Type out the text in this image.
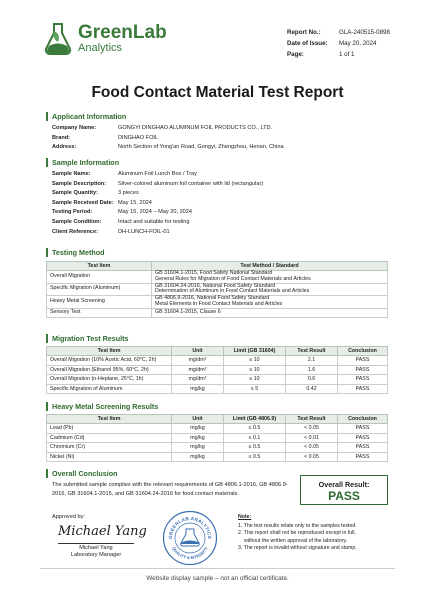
GreenLab
Analytics
Report No.:	GLA-240515-0898
Date of Issue:	May 20, 2024
Page:	1 of 1
Food Contact Material Test Report
Applicant Information
Company Name:	GONGYI DINGHAO ALUMINUM FOIL PRODUCTS CO., LTD.
Brand:	DINGHAO FOIL
Address:	North Section of Yong'an Road, Gongyi, Zhengzhou, Henan, China
Sample Information
Sample Name:	Aluminum Foil Lunch Box / Tray
Sample Description:	Silver-colored aluminum foil container with lid (rectangular)
Sample Quantity:	3 pieces
Sample Received Date: May 15, 2024
Testing Period:	May 15, 2024 – May 20, 2024
Sample Condition:	Intact and suitable for testing
Client Reference:	DH-LUNCH-FOIL-01
Testing Method
Test Item	Test Method / Standard
Overall Migration	GB 31604.1-2015, Food Safety National Standard
General Rules for Migration of Food Contact Materials and Articles

Specific Migration (Aluminum)	GB 31604.24-2016, National Food Safety Standard
Determination of Aluminum in Food Contact Materials and Articles

Heavy Metal Screening	GB 4806.9-2016, National Food Safety Standard
Metal Elements in Food Contact Materials and Articles

Sensory Test	GB 31604.1-2015, Clause 6
Migration Test Results
Test Item	Unit	Limit (GB 31604)	Test Result	Conclusion
Overall Migration (10% Acetic Acid, 60°C, 2h)	mg/dm²	≤ 10	2.1	PASS
Overall Migration (Ethanol 95%, 60°C, 2h)	mg/dm²	≤ 10	1.6	PASS
Overall Migration (n-Heptane, 25°C, 1h)	mg/dm²	≤ 10	0.6	PASS
Specific Migration of Aluminum	mg/kg	≤ 5	0.42	PASS
Heavy Metal Screening Results
Test Item	Unit	Limit (GB 4806.9)	Test Result	Conclusion
Lead (Pb)	mg/kg	≤ 0.5	< 0.05	PASS
Cadmium (Cd)	mg/kg	≤ 0.1	< 0.01	PASS
Chromium (Cr)	mg/kg	≤ 0.5	< 0.05	PASS
Nickel (Ni)	mg/kg	≤ 0.5	< 0.05	PASS
Overall Conclusion
The submitted sample complies with the relevant requirements of GB 4806.1-2016, GB 4806.9-2016, GB 31604.1-2015, and GB 31604.24-2016 for food contact materials.
Overall Result:
PASS
Approved by:
Michael Yang
Michael Yang
Laboratory Manager
GREENLAB ANALYTICS
QUALITY & INTEGRITY
Note:
1. The test results relate only to the samples tested.
2. This report shall not be reproduced except in full,
without the written approval of the laboratory.
3. The report is invalid without signature and stamp.
Website display sample – not an official certificate.
